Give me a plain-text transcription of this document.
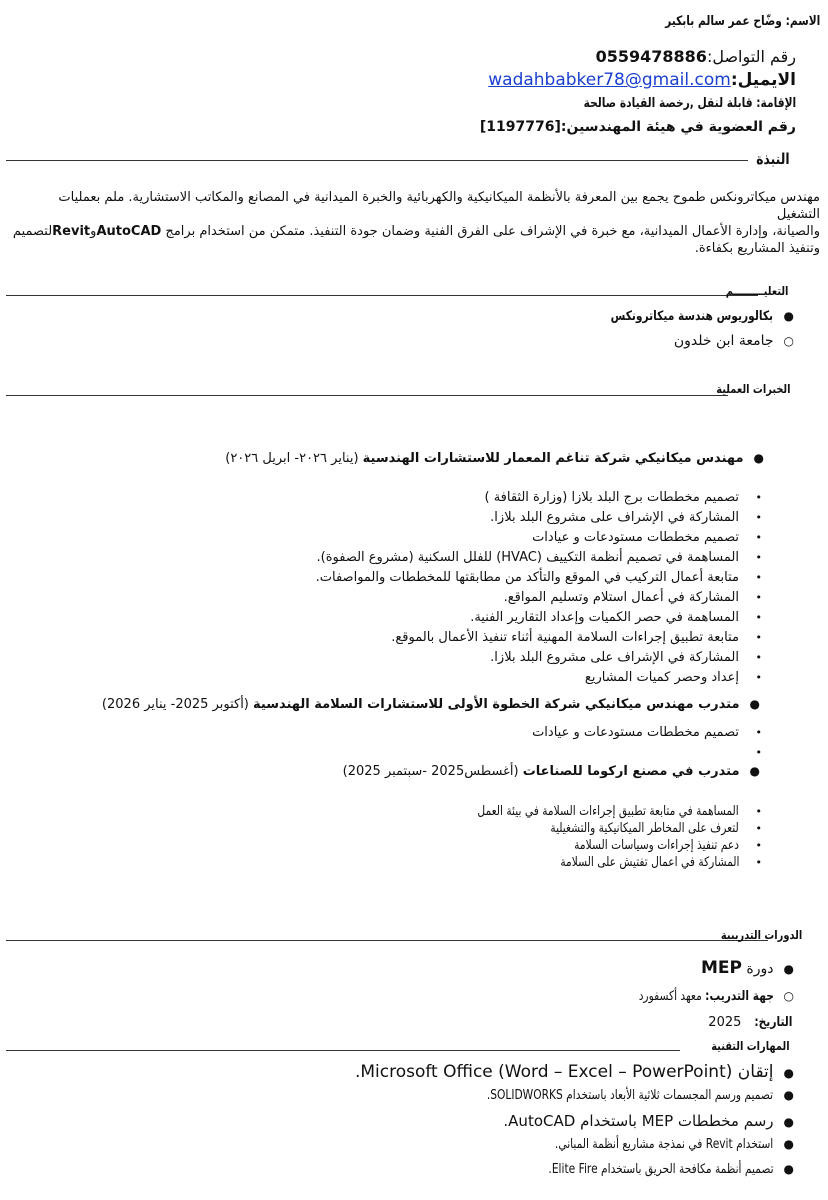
الاسم: وضّاح عمر سالم بابكير
رقم التواصل:0559478886
الايميل:wadahbabker78@gmail.com
الإقامة: قابلة لنقل ,رخصة القيادة صالحة
رقم العضوية في هيئة المهندسين:[1197776]
النبذة
مهندس ميكاترونكس طموح يجمع بين المعرفة بالأنظمة الميكانيكية والكهربائية والخبرة الميدانية في المصانع والمكاتب الاستشارية. ملم بعمليات التشغيل
والصيانة، وإدارة الأعمال الميدانية، مع خبرة في الإشراف على الفرق الفنية وضمان جودة التنفيذ. متمكن من استخدام برامج AutoCADوRevitلتصميم
وتنفيذ المشاريع بكفاءة.
التعليـــــــــم
●بكالوريوس هندسة ميكاترونكس
○جامعة ابن خلدون
الخبرات العملية
●مهندس ميكانيكي شركة تناغم المعمار للاستشارات الهندسية (يناير ٢٠٢٦- ابريل ٢٠٢٦)
•    تصميم مخططات برج البلد بلازا (وزارة الثقافة )
•    المشاركة في الإشراف على مشروع البلد بلازا.
•    تصميم مخططات مستودعات و عيادات
•    المساهمة في تصميم أنظمة التكييف (HVAC) للفلل السكنية (مشروع الصفوة).
•    متابعة أعمال التركيب في الموقع والتأكد من مطابقتها للمخططات والمواصفات.
•    المشاركة في أعمال استلام وتسليم المواقع.
•    المساهمة في حصر الكميات وإعداد التقارير الفنية.
•    متابعة تطبيق إجراءات السلامة المهنية أثناء تنفيذ الأعمال بالموقع.
•    المشاركة في الإشراف على مشروع البلد بلازا.
•    إعداد وحصر كميات المشاريع
●متدرب مهندس ميكانيكي شركة الخطوة الأولى للاستشارات السلامة الهندسية (أكتوبر 2025- يناير 2026)
•    تصميم مخططات مستودعات و عيادات
•
●متدرب في مصنع اركوما للصناعات (أغسطس2025 -سبتمبر 2025)
•    المساهمة في متابعة تطبيق إجراءات السلامة في بيئة العمل
•    لتعرف على المخاطر الميكانيكية والتشغيلية
•    دعم تنفيذ إجراءات وسياسات السلامة
•    المشاركة في اعمال تفتيش على السلامة
الدورات التدريبية
●دورة MEP
○جهة التدريب: معهد أكسفورد
التاريخ: 2025
المهارات التقنية
●إتقان (Microsoft Office (Word – Excel – PowerPoint.
●تصميم ورسم المجسمات ثلاثية الأبعاد باستخدام SOLIDWORKS.
●رسم مخططات MEP باستخدام AutoCAD.
●استخدام Revit في نمذجة مشاريع أنظمة المباني.
●تصميم أنظمة مكافحة الحريق باستخدام Elite Fire.
